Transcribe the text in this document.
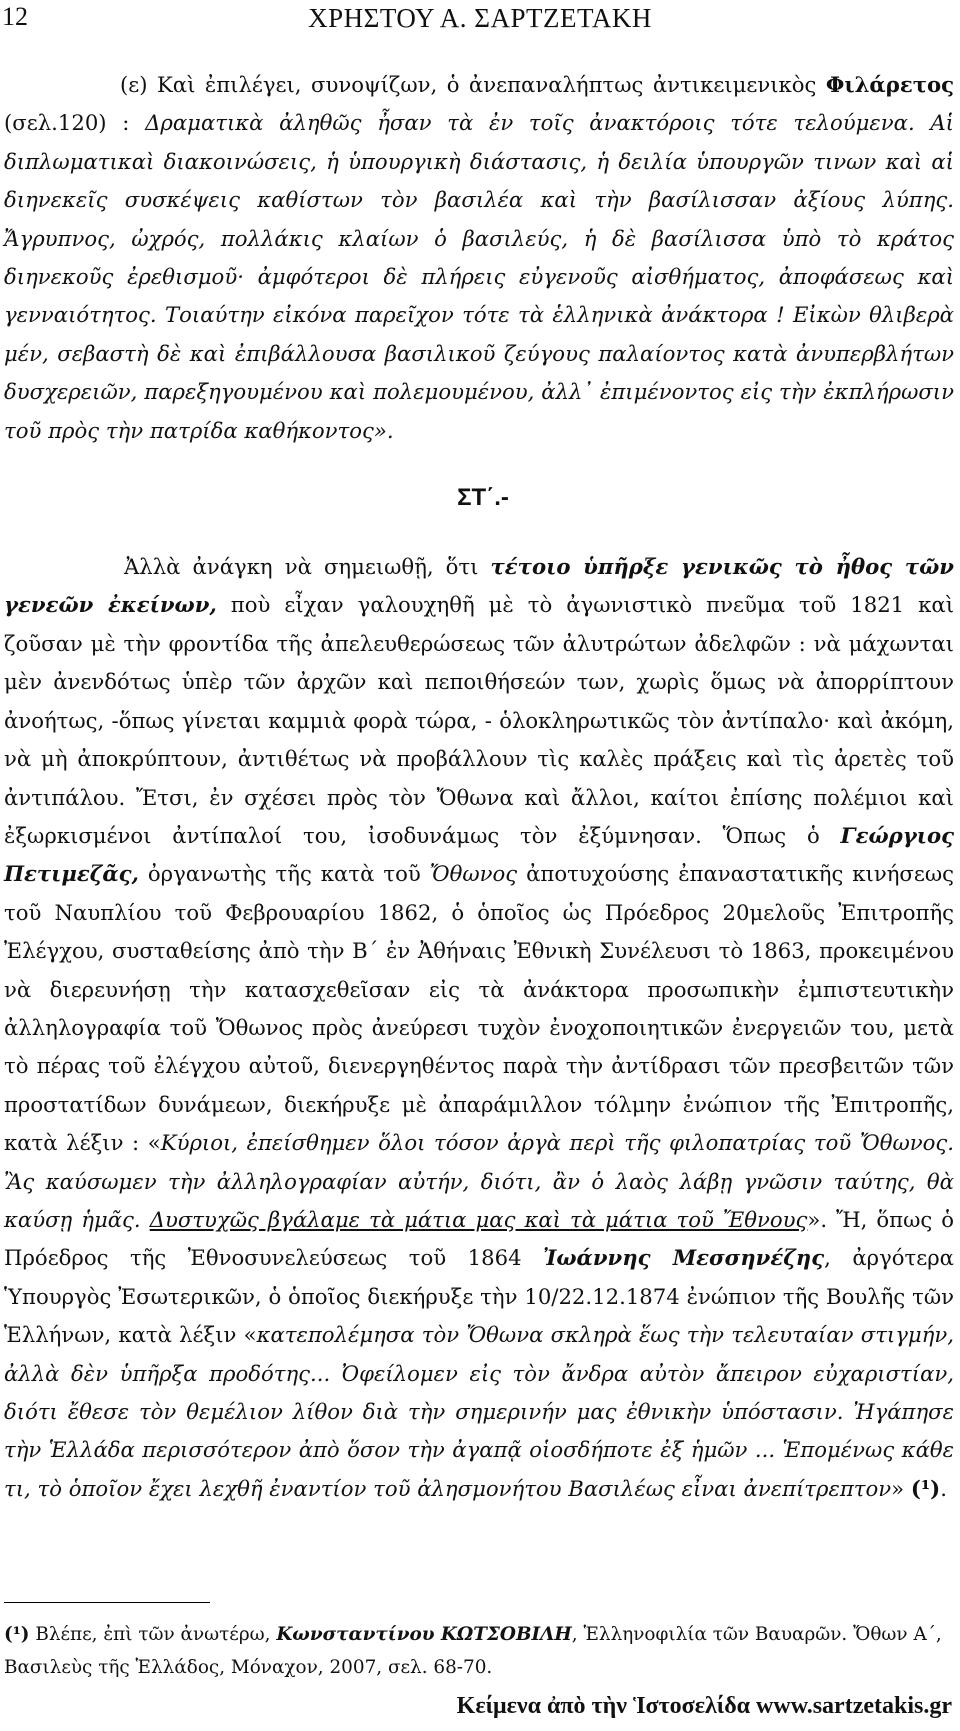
12	ΧΡΗΣΤΟΥ Α. ΣΑΡΤΖΕΤΑΚΗ

(ε) Καὶ ἐπιλέγει, συνοψίζων, ὁ ἀνεπαναλήπτως ἀντικειμενικὸς Φιλάρετος (σελ.120) : Δραματικὰ ἀληθῶς ἦσαν τὰ ἐν τοῖς ἀνακτόροις τότε τελούμενα. Αἱ διπλωματικαὶ διακοινώσεις, ἡ ὑπουργικὴ διάστασις, ἡ δειλία ὑπουργῶν τινων καὶ αἱ διηνεκεῖς συσκέψεις καθίστων τὸν βασιλέα καὶ τὴν βασίλισσαν ἀξίους λύπης. Ἄγρυπνος, ὠχρός, πολλάκις κλαίων ὁ βασιλεύς, ἡ δὲ βασίλισσα ὑπὸ τὸ κράτος διηνεκοῦς ἐρεθισμοῦ· ἀμφότεροι δὲ πλήρεις εὐγενοῦς αἰσθήματος, ἀποφάσεως καὶ γενναιότητος. Τοιαύτην εἰκόνα παρεῖχον τότε τὰ ἑλληνικὰ ἀνάκτορα ! Εἰκὼν θλιβερὰ μέν, σεβαστὴ δὲ καὶ ἐπιβάλλουσα βασιλικοῦ ζεύγους παλαίοντος κατὰ ἀνυπερβλήτων δυσχερειῶν, παρεξηγουμένου καὶ πολεμουμένου, ἀλλ᾽ ἐπιμένοντος εἰς τὴν ἐκπλήρωσιν τοῦ πρὸς τὴν πατρίδα καθήκοντος».

ΣΤ΄.-

Ἀλλὰ ἀνάγκη νὰ σημειωθῇ, ὅτι τέτοιο ὑπῆρξε γενικῶς τὸ ἦθος τῶν γενεῶν ἐκείνων, ποὺ εἶχαν γαλουχηθῆ μὲ τὸ ἀγωνιστικὸ πνεῦμα τοῦ 1821 καὶ ζοῦσαν μὲ τὴν φροντίδα τῆς ἀπελευθερώσεως τῶν ἀλυτρώτων ἀδελφῶν : νὰ μάχωνται μὲν ἀνενδότως ὑπὲρ τῶν ἀρχῶν καὶ πεποιθήσεών των, χωρὶς ὅμως νὰ ἀπορρίπτουν ἀνοήτως, -ὅπως γίνεται καμμιὰ φορὰ τώρα, - ὁλοκληρωτικῶς τὸν ἀντίπαλο· καὶ ἀκόμη, νὰ μὴ ἀποκρύπτουν, ἀντιθέτως νὰ προβάλλουν τὶς καλὲς πράξεις καὶ τὶς ἀρετὲς τοῦ ἀντιπάλου. Ἔτσι, ἐν σχέσει πρὸς τὸν Ὄθωνα καὶ ἄλλοι, καίτοι ἐπίσης πολέμιοι καὶ ἐξωρκισμένοι ἀντίπαλοί του, ἰσοδυνάμως τὸν ἐξύμνησαν. Ὅπως ὁ Γεώργιος Πετιμεζᾶς, ὀργανωτὴς τῆς κατὰ τοῦ Ὄθωνος ἀποτυχούσης ἐπαναστατικῆς κινήσεως τοῦ Ναυπλίου τοῦ Φεβρουαρίου 1862, ὁ ὁποῖος ὡς Πρόεδρος 20μελοῦς Ἐπιτροπῆς Ἐλέγχου, συσταθείσης ἀπὸ τὴν Β΄ ἐν Ἀθήναις Ἐθνικὴ Συνέλευσι τὸ 1863, προκειμένου νὰ διερευνήσῃ τὴν κατασχεθεῖσαν εἰς τὰ ἀνάκτορα προσωπικὴν ἐμπιστευτικὴν ἀλληλογραφία τοῦ Ὄθωνος πρὸς ἀνεύρεσι τυχὸν ἐνοχοποιητικῶν ἐνεργειῶν του, μετὰ τὸ πέρας τοῦ ἐλέγχου αὐτοῦ, διενεργηθέντος παρὰ τὴν ἀντίδρασι τῶν πρεσβειτῶν τῶν προστατίδων δυνάμεων, διεκήρυξε μὲ ἀπαράμιλλον τόλμην ἐνώπιον τῆς Ἐπιτροπῆς, κατὰ λέξιν : «Κύριοι, ἐπείσθημεν ὅλοι τόσον ἀργὰ περὶ τῆς φιλοπατρίας τοῦ Ὄθωνος. Ἂς καύσωμεν τὴν ἀλληλογραφίαν αὐτήν, διότι, ἂν ὁ λαὸς λάβῃ γνῶσιν ταύτης, θὰ καύσῃ ἡμᾶς. Δυστυχῶς βγάλαμε τὰ μάτια μας καὶ τὰ μάτια τοῦ Ἔθνους». Ἤ, ὅπως ὁ Πρόεδρος τῆς Ἐθνοσυνελεύσεως τοῦ 1864 Ἰωάννης Μεσσηνέζης, ἀργότερα Ὑπουργὸς Ἐσωτερικῶν, ὁ ὁποῖος διεκήρυξε τὴν 10/22.12.1874 ἐνώπιον τῆς Βουλῆς τῶν Ἑλλήνων, κατὰ λέξιν «κατεπολέμησα τὸν Ὄθωνα σκληρὰ ἕως τὴν τελευταίαν στιγμήν, ἀλλὰ δὲν ὑπῆρξα προδότης... Ὀφείλομεν εἰς τὸν ἄνδρα αὐτὸν ἄπειρον εὐχαριστίαν, διότι ἔθεσε τὸν θεμέλιον λίθον διὰ τὴν σημερινήν μας ἐθνικὴν ὑπόστασιν. Ἠγάπησε τὴν Ἑλλάδα περισσότερον ἀπὸ ὅσον τὴν ἀγαπᾷ οἱοσδήποτε ἐξ ἡμῶν ... Ἑπομένως κάθε τι, τὸ ὁποῖον ἔχει λεχθῆ ἐναντίον τοῦ ἀλησμονήτου Βασιλέως εἶναι ἀνεπίτρεπτον» (¹).

(¹) Βλέπε, ἐπὶ τῶν ἀνωτέρω, Κωνσταντίνου ΚΩΤΣΟΒΙΛΗ, Ἑλληνοφιλία τῶν Βαυαρῶν. Ὄθων Α΄, Βασιλεὺς τῆς Ἑλλάδος, Μόναχον, 2007, σελ. 68-70.
Κείμενα ἀπὸ τὴν Ἱστοσελίδα www.sartzetakis.gr
